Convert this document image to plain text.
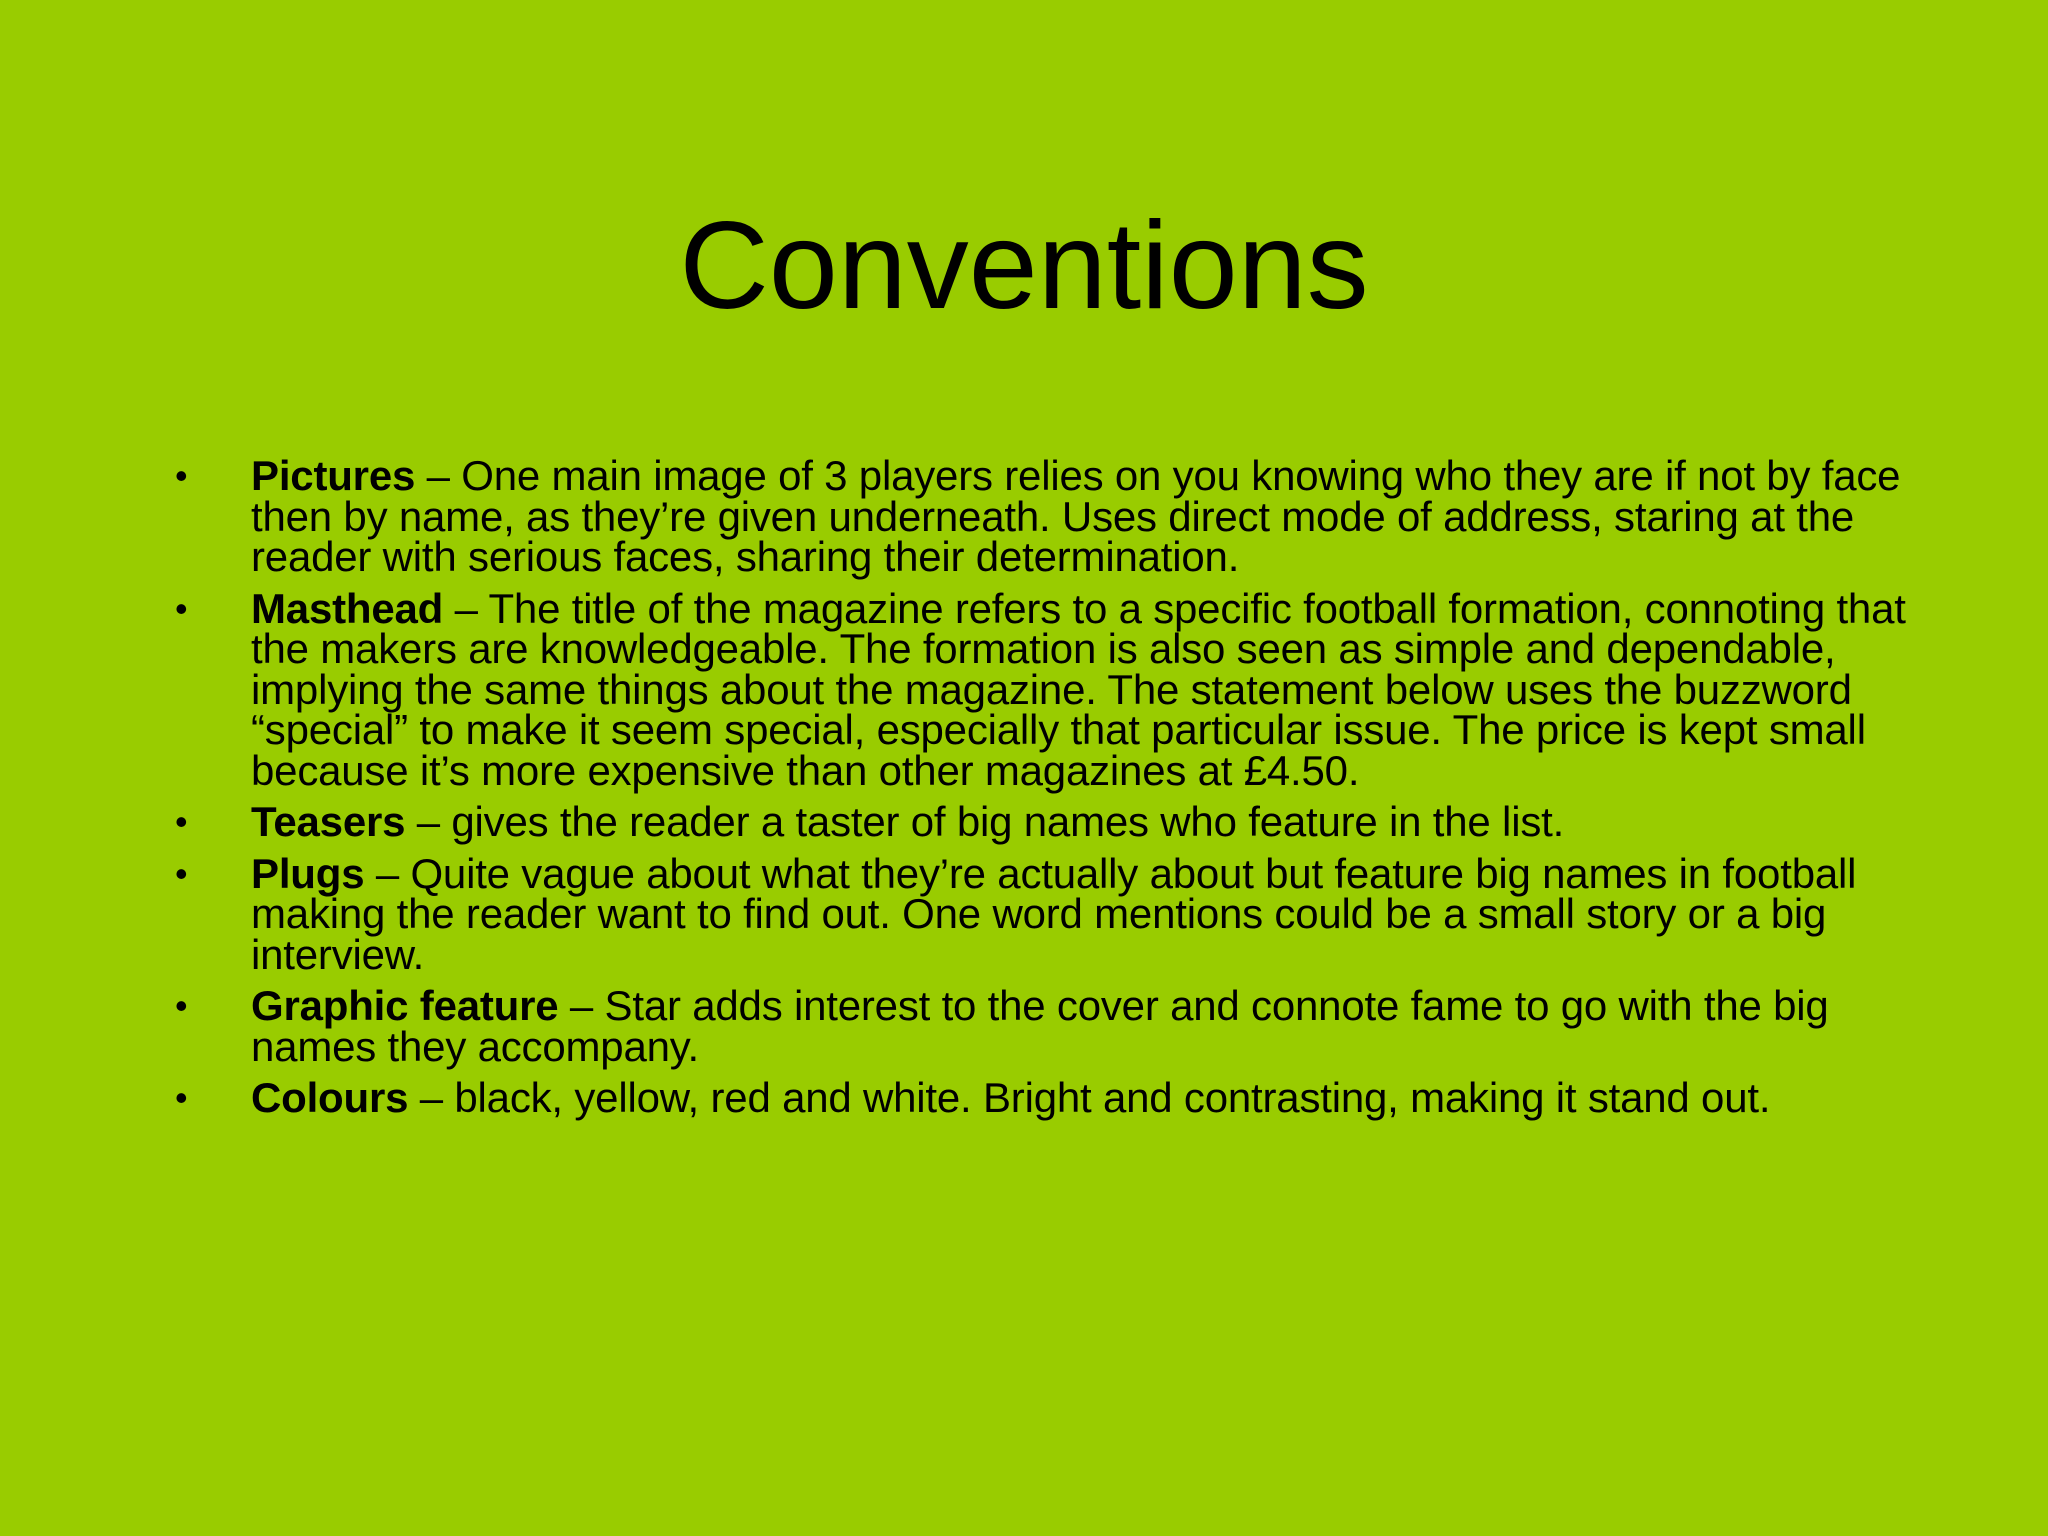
Conventions
• Pictures – One main image of 3 players relies on you knowing who they are if not by face then by name, as they’re given underneath. Uses direct mode of address, staring at the reader with serious faces, sharing their determination.
• Masthead – The title of the magazine refers to a specific football formation, connoting that the makers are knowledgeable. The formation is also seen as simple and dependable, implying the same things about the magazine. The statement below uses the buzzword “special” to make it seem special, especially that particular issue. The price is kept small because it’s more expensive than other magazines at £4.50.
• Teasers – gives the reader a taster of big names who feature in the list.
• Plugs – Quite vague about what they’re actually about but feature big names in football making the reader want to find out. One word mentions could be a small story or a big interview.
• Graphic feature – Star adds interest to the cover and connote fame to go with the big names they accompany.
• Colours – black, yellow, red and white. Bright and contrasting, making it stand out.
